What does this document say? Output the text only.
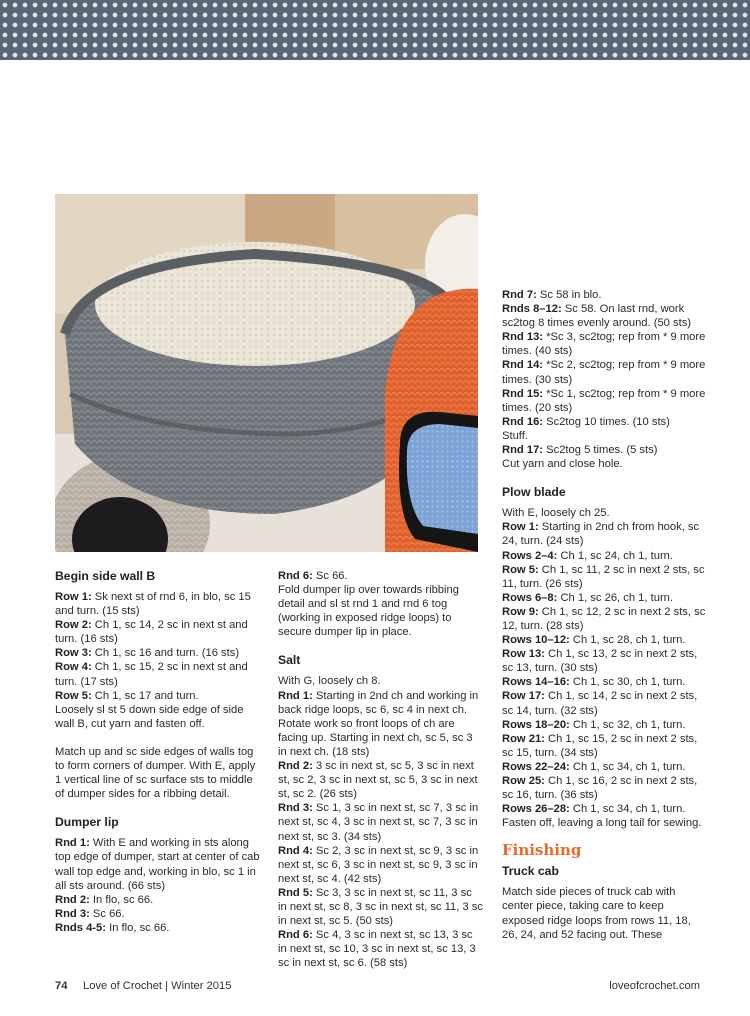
Begin side wall B

Row 1: Sk next st of rnd 6, in blo, sc 15 and turn. (15 sts)

Row 2: Ch 1, sc 14, 2 sc in next st and turn. (16 sts)

Row 3: Ch 1, sc 16 and turn. (16 sts)

Row 4: Ch 1, sc 15, 2 sc in next st and turn. (17 sts)

Row 5: Ch 1, sc 17 and turn.

Loosely sl st 5 down side edge of side wall B, cut yarn and fasten off.

Match up and sc side edges of walls tog to form corners of dumper. With E, apply 1 vertical line of sc surface sts to middle of dumper sides for a ribbing detail.

Dumper lip

Rnd 1: With E and working in sts along top edge of dumper, start at center of cab wall top edge and, working in blo, sc 1 in all sts around. (66 sts)

Rnd 2: In flo, sc 66.

Rnd 3: Sc 66.

Rnds 4-5: In flo, sc 66.

Rnd 6: Sc 66.

Fold dumper lip over towards ribbing detail and sl st rnd 1 and rnd 6 tog (working in exposed ridge loops) to secure dumper lip in place.

Salt

With G, loosely ch 8.

Rnd 1: Starting in 2nd ch and working in back ridge loops, sc 6, sc 4 in next ch. Rotate work so front loops of ch are facing up. Starting in next ch, sc 5, sc 3 in next ch. (18 sts)

Rnd 2: 3 sc in next st, sc 5, 3 sc in next st, sc 2, 3 sc in next st, sc 5, 3 sc in next st, sc 2. (26 sts)

Rnd 3: Sc 1, 3 sc in next st, sc 7, 3 sc in next st, sc 4, 3 sc in next st, sc 7, 3 sc in next st, sc 3. (34 sts)

Rnd 4: Sc 2, 3 sc in next st, sc 9, 3 sc in next st, sc 6, 3 sc in next st, sc 9, 3 sc in next st, sc 4. (42 sts)

Rnd 5: Sc 3, 3 sc in next st, sc 11, 3 sc in next st, sc 8, 3 sc in next st, sc 11, 3 sc in next st, sc 5. (50 sts)

Rnd 6: Sc 4, 3 sc in next st, sc 13, 3 sc in next st, sc 10, 3 sc in next st, sc 13, 3 sc in next st, sc 6. (58 sts)

Rnd 7: Sc 58 in blo.

Rnds 8–12: Sc 58. On last rnd, work sc2tog 8 times evenly around. (50 sts)

Rnd 13: *Sc 3, sc2tog; rep from * 9 more times. (40 sts)

Rnd 14: *Sc 2, sc2tog; rep from * 9 more times. (30 sts)

Rnd 15: *Sc 1, sc2tog; rep from * 9 more times. (20 sts)

Rnd 16: Sc2tog 10 times. (10 sts)

Stuff.

Rnd 17: Sc2tog 5 times. (5 sts)

Cut yarn and close hole.

Plow blade

With E, loosely ch 25.

Row 1: Starting in 2nd ch from hook, sc 24, turn. (24 sts)

Rows 2–4: Ch 1, sc 24, ch 1, turn.

Row 5: Ch 1, sc 11, 2 sc in next 2 sts, sc 11, turn. (26 sts)

Rows 6–8: Ch 1, sc 26, ch 1, turn.

Row 9: Ch 1, sc 12, 2 sc in next 2 sts, sc 12, turn. (28 sts)

Rows 10–12: Ch 1, sc 28, ch 1, turn.

Row 13: Ch 1, sc 13, 2 sc in next 2 sts, sc 13, turn. (30 sts)

Rows 14–16: Ch 1, sc 30, ch 1, turn.

Row 17: Ch 1, sc 14, 2 sc in next 2 sts, sc 14, turn. (32 sts)

Rows 18–20: Ch 1, sc 32, ch 1, turn.

Row 21: Ch 1, sc 15, 2 sc in next 2 sts, sc 15, turn. (34 sts)

Rows 22–24: Ch 1, sc 34, ch 1, turn.

Row 25: Ch 1, sc 16, 2 sc in next 2 sts, sc 16, turn. (36 sts)

Rows 26–28: Ch 1, sc 34, ch 1, turn.

Fasten off, leaving a long tail for sewing.

Finishing
Truck cab

Match side pieces of truck cab with center piece, taking care to keep exposed ridge loops from rows 11, 18, 26, 24, and 52 facing out. These

74 Love of Crochet | Winter 2015	loveofcrochet.com
